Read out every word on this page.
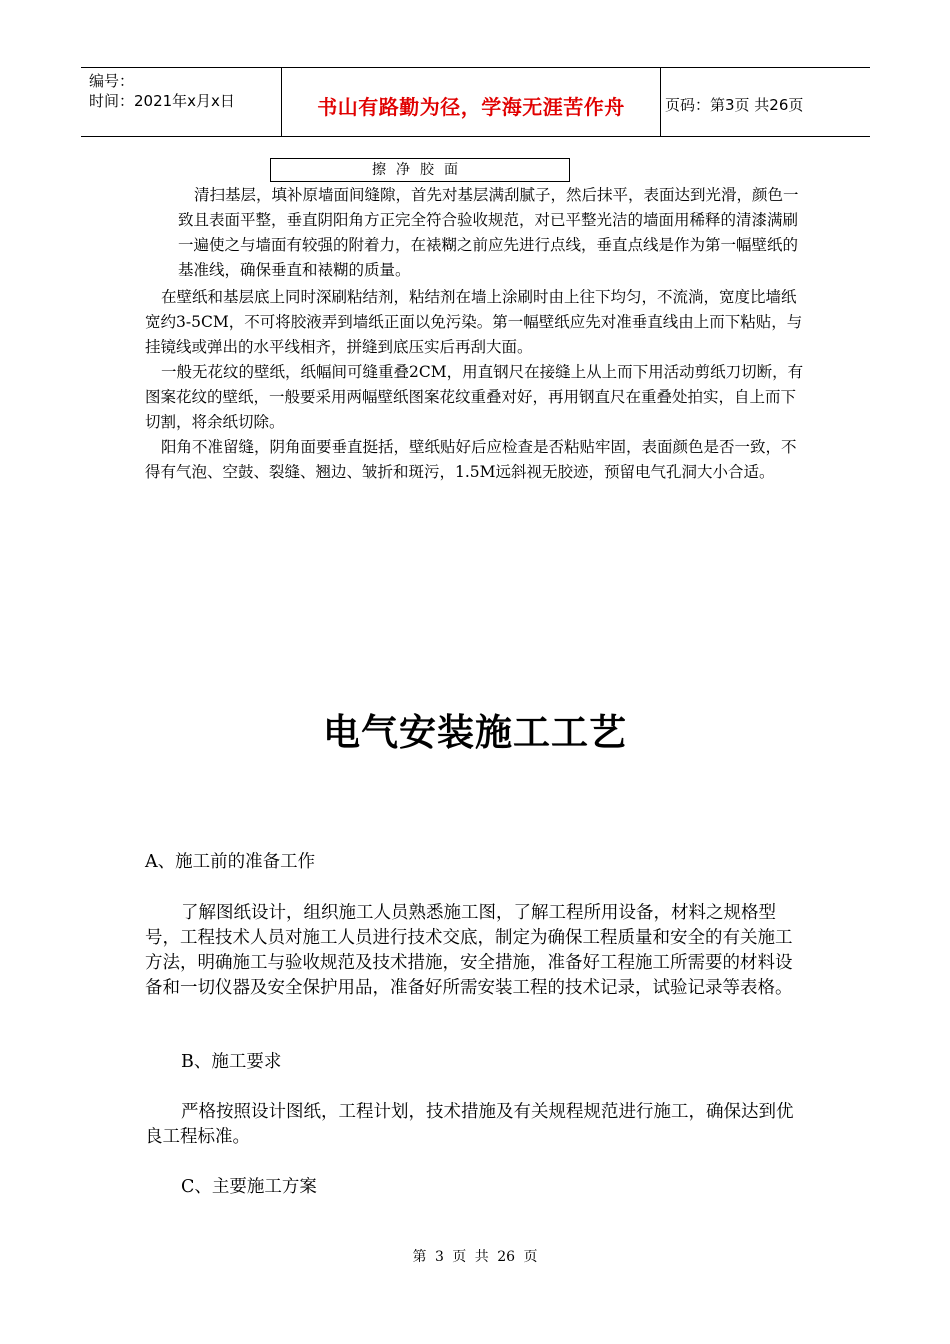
编号：
时间：2021年x月x日	书山有路勤为径，学海无涯苦作舟	页码：第3页 共26页
擦净胶面
清扫基层，填补原墙面间缝隙，首先对基层满刮腻子，然后抹平，表面达到光滑，颜色一致且表面平整，垂直阴阳角方正完全符合验收规范，对已平整光洁的墙面用稀释的清漆满刷一遍使之与墙面有较强的附着力，在裱糊之前应先进行点线，垂直点线是作为第一幅壁纸的基准线，确保垂直和裱糊的质量。
在壁纸和基层底上同时深刷粘结剂，粘结剂在墙上涂刷时由上往下均匀，不流淌，宽度比墙纸宽约3-5CM，不可将胶液弄到墙纸正面以免污染。第一幅壁纸应先对准垂直线由上而下粘贴，与挂镜线或弹出的水平线相齐，拼缝到底压实后再刮大面。
一般无花纹的壁纸，纸幅间可缝重叠2CM，用直钢尺在接缝上从上而下用活动剪纸刀切断，有图案花纹的壁纸，一般要采用两幅壁纸图案花纹重叠对好，再用钢直尺在重叠处拍实，自上而下切割，将余纸切除。
阳角不准留缝，阴角面要垂直挺括，壁纸贴好后应检查是否粘贴牢固，表面颜色是否一致，不得有气泡、空鼓、裂缝、翘边、皱折和斑污，1.5M远斜视无胶迹，预留电气孔洞大小合适。
电气安装施工工艺
A、施工前的准备工作
了解图纸设计，组织施工人员熟悉施工图，了解工程所用设备，材料之规格型号，工程技术人员对施工人员进行技术交底，制定为确保工程质量和安全的有关施工方法，明确施工与验收规范及技术措施，安全措施，准备好工程施工所需要的材料设备和一切仪器及安全保护用品，准备好所需安装工程的技术记录，试验记录等表格。
B、施工要求
严格按照设计图纸，工程计划，技术措施及有关规程规范进行施工，确保达到优良工程标准。
C、主要施工方案
第 3 页 共 26 页
